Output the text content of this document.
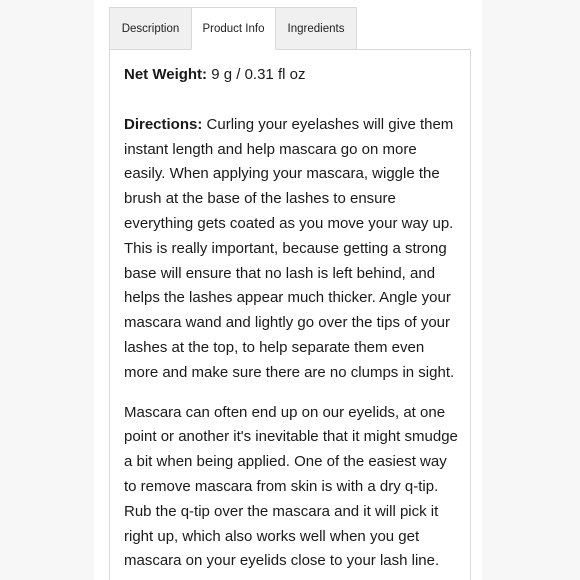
Description	Product Info	Ingredients

Net Weight: 9 g / 0.31 fl oz

Directions: Curling your eyelashes will give them instant length and help mascara go on more easily. When applying your mascara, wiggle the brush at the base of the lashes to ensure everything gets coated as you move your way up. This is really important, because getting a strong base will ensure that no lash is left behind, and helps the lashes appear much thicker. Angle your mascara wand and lightly go over the tips of your lashes at the top, to help separate them even more and make sure there are no clumps in sight.

Mascara can often end up on our eyelids, at one point or another it's inevitable that it might smudge a bit when being applied. One of the easiest way to remove mascara from skin is with a dry q-tip. Rub the q-tip over the mascara and it will pick it right up, which also works well when you get mascara on your eyelids close to your lash line.
